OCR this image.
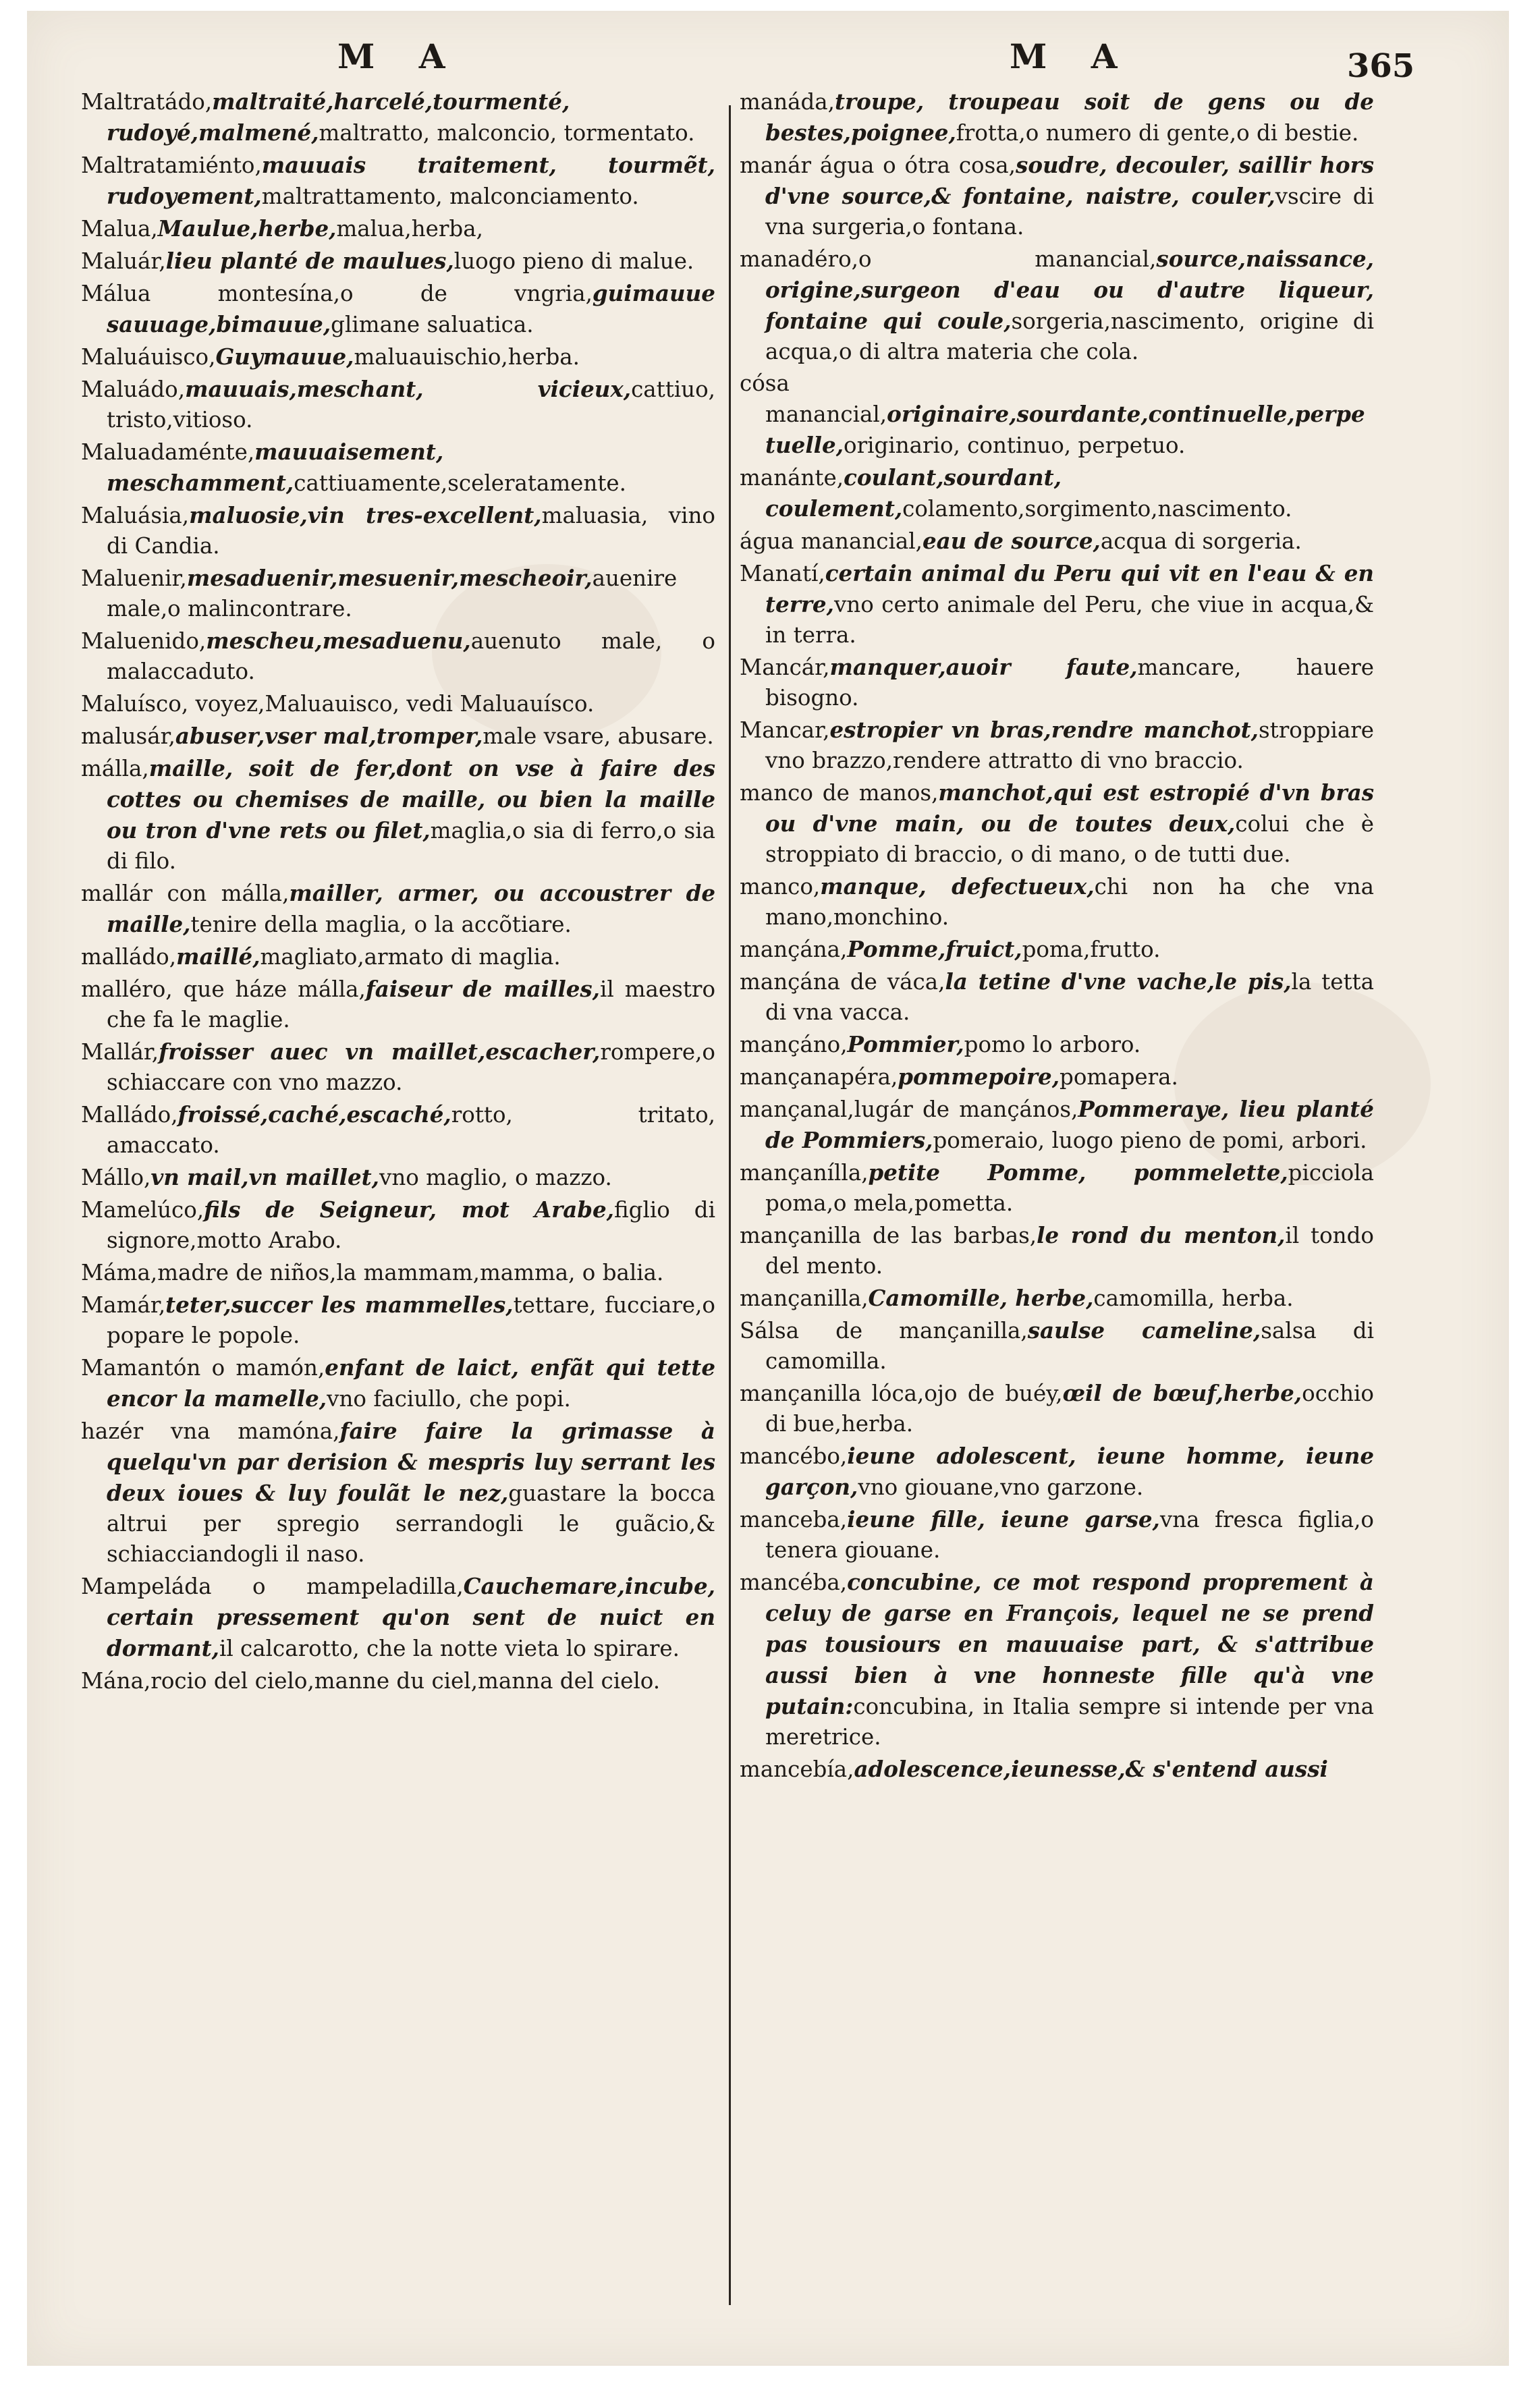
M A	M A	365

Maltratádo,maltraité,harcelé,tourmenté, rudoyé,malmené,maltratto, malconcio, tormentato.

Maltratamiénto,mauuais traitement, tourmẽt, rudoyement,maltrattamento, malconciamento.

Malua,Maulue,herbe,malua,herba,

Maluár,lieu planté de maulues,luogo pieno di malue.

Málua montesína,o de vngria,guimauue sauuage,bimauue,glimane saluatica.

Maluáuisco,Guymauue,maluauischio,herba.

Maluádo,mauuais,meschant, vicieux,cattiuo, tristo,vitioso.

Maluadaménte,mauuaisement, meschamment,cattiuamente,sceleratamente.

Maluásia,maluosie,vin tres-excellent,maluasia, vino di Candia.

Maluenir,mesaduenir,mesuenir,mescheoir,auenire male,o malincontrare.

Maluenido,mescheu,mesaduenu,auenuto male, o malaccaduto.

Maluísco, voyez,Maluauisco, vedi Maluauísco.

malusár,abuser,vser mal,tromper,male vsare, abusare.

málla,maille, soit de fer,dont on vse à faire des cottes ou chemises de maille, ou bien la maille ou tron d'vne rets ou filet,maglia,o sia di ferro,o sia di filo.

mallár con málla,mailler, armer, ou accoustrer de maille,tenire della maglia, o la accõtiare.

malládo,maillé,magliato,armato di maglia.

malléro, que háze málla,faiseur de mailles,il maestro che fa le maglie.

Mallár,froisser auec vn maillet,escacher,rompere,o schiaccare con vno mazzo.

Malládo,froissé,caché,escaché,rotto, tritato, amaccato.

Mállo,vn mail,vn maillet,vno maglio, o mazzo.

Mamelúco,fils de Seigneur, mot Arabe,figlio di signore,motto Arabo.

Máma,madre de niños,la mammam,mamma, o balia.

Mamár,teter,succer les mammelles,tettare, fucciare,o popare le popole.

Mamantón o mamón,enfant de laict, enfãt qui tette encor la mamelle,vno faciullo, che popi.

hazér vna mamóna,faire faire la grimasse à quelqu'vn par derision & mespris luy serrant les deux ioues & luy foulãt le nez,guastare la bocca altrui per spregio serrandogli le guãcio,& schiacciandogli il naso.

Mampeláda o mampeladilla,Cauchemare,incube, certain pressement qu'on sent de nuict en dormant,il calcarotto, che la notte vieta lo spirare.

Mána,rocio del cielo,manne du ciel,manna del cielo.

manáda,troupe, troupeau soit de gens ou de bestes,poignee,frotta,o numero di gente,o di bestie.

manár água o ótra cosa,soudre, decouler, saillir hors d'vne source,& fontaine, naistre, couler,vscire di vna surgeria,o fontana.

manadéro,o manancial,source,naissance, origine,surgeon d'eau ou d'autre liqueur, fontaine qui coule,sorgeria,nascimento, origine di acqua,o di altra materia che cola.

cósa manancial,originaire,sourdante,continuelle,perpetuelle,originario, continuo, perpetuo.

manánte,coulant,sourdant, coulement,colamento,sorgimento,nascimento.

água manancial,eau de source,acqua di sorgeria.

Manatí,certain animal du Peru qui vit en l'eau & en terre,vno certo animale del Peru, che viue in acqua,& in terra.

Mancár,manquer,auoir faute,mancare, hauere bisogno.

Mancar,estropier vn bras,rendre manchot,stroppiare vno brazzo,rendere attratto di vno braccio.

manco de manos,manchot,qui est estropié d'vn bras ou d'vne main, ou de toutes deux,colui che è stroppiato di braccio, o di mano, o de tutti due.

manco,manque, defectueux,chi non ha che vna mano,monchino.

mançána,Pomme,fruict,poma,frutto.

mançána de váca,la tetine d'vne vache,le pis,la tetta di vna vacca.

mançáno,Pommier,pomo lo arboro.

mançanapéra,pommepoire,pomapera.

mançanal,lugár de mançános,Pommeraye, lieu planté de Pommiers,pomeraio, luogo pieno de pomi, arbori.

mançanílla,petite Pomme, pommelette,picciola poma,o mela,pometta.

mançanilla de las barbas,le rond du menton,il tondo del mento.

mançanilla,Camomille, herbe,camomilla, herba.

Sálsa de mançanilla,saulse cameline,salsa di camomilla.

mançanilla lóca,ojo de buéy,œil de bœuf,herbe,occhio di bue,herba.

mancébo,ieune adolescent, ieune homme, ieune garçon,vno giouane,vno garzone.

manceba,ieune fille, ieune garse,vna fresca figlia,o tenera giouane.

mancéba,concubine, ce mot respond proprement à celuy de garse en François, lequel ne se prend pas tousiours en mauuaise part, & s'attribue aussi bien à vne honneste fille qu'à vne putain:concubina, in Italia sempre si intende per vna meretrice.

mancebía,adolescence,ieunesse,& s'entend aussi
